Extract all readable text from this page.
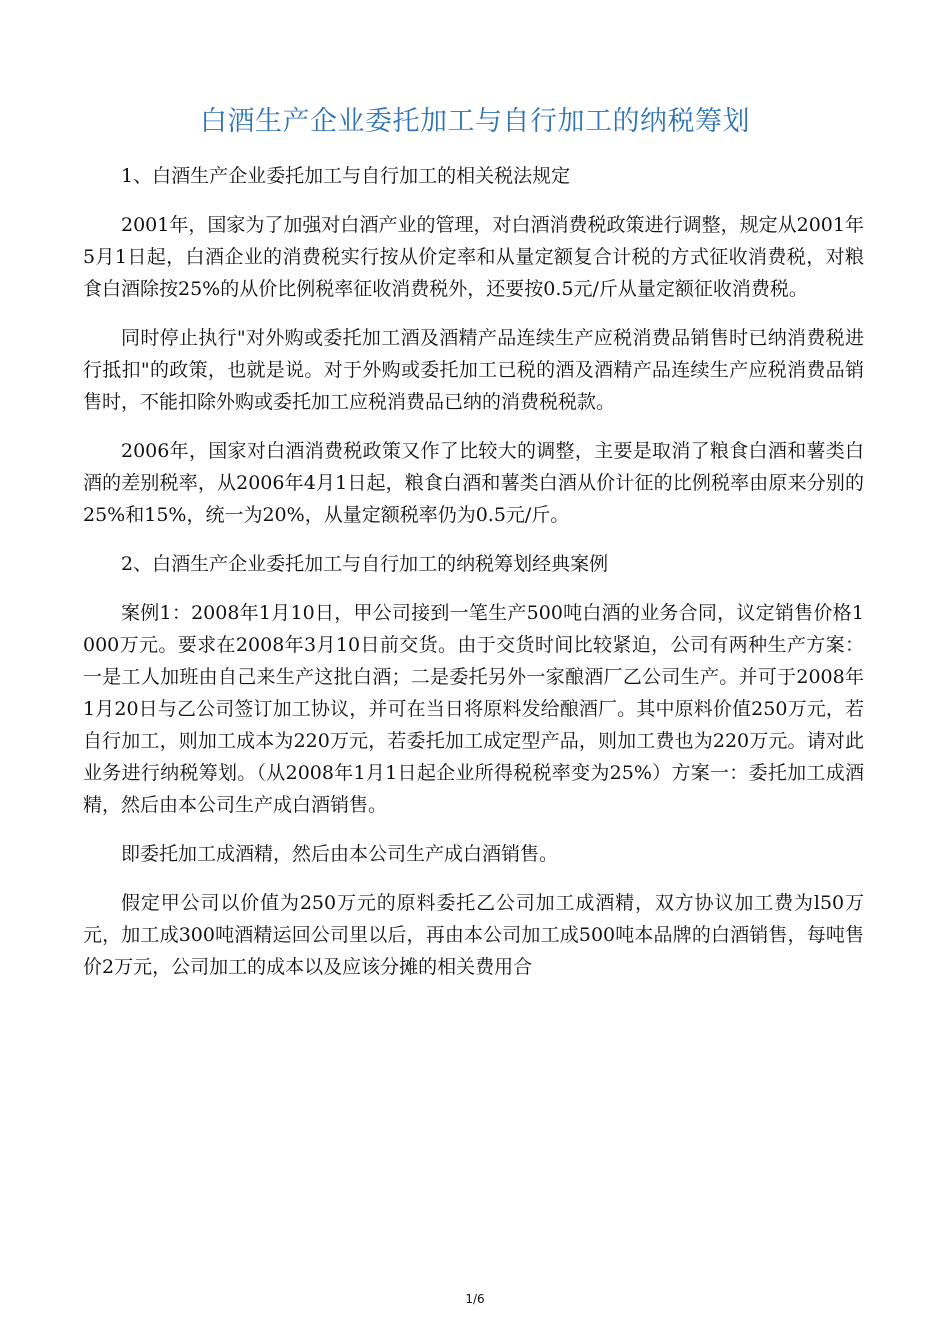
白酒生产企业委托加工与自行加工的纳税筹划

1、白酒生产企业委托加工与自行加工的相关税法规定

2001年，国家为了加强对白酒产业的管理，对白酒消费税政策进行调整，规定从2001年5月1日起，白酒企业的消费税实行按从价定率和从量定额复合计税的方式征收消费税，对粮食白酒除按25%的从价比例税率征收消费税外，还要按0.5元/斤从量定额征收消费税。

同时停止执行"对外购或委托加工酒及酒精产品连续生产应税消费品销售时已纳消费税进行抵扣"的政策，也就是说。对于外购或委托加工已税的酒及酒精产品连续生产应税消费品销售时，不能扣除外购或委托加工应税消费品已纳的消费税税款。

2006年，国家对白酒消费税政策又作了比较大的调整，主要是取消了粮食白酒和薯类白酒的差别税率，从2006年4月1日起，粮食白酒和薯类白酒从价计征的比例税率由原来分别的25%和15%，统一为20%，从量定额税率仍为0.5元/斤。

2、白酒生产企业委托加工与自行加工的纳税筹划经典案例

案例1：2008年1月10日，甲公司接到一笔生产500吨白酒的业务合同，议定销售价格1000万元。要求在2008年3月10日前交货。由于交货时间比较紧迫，公司有两种生产方案：一是工人加班由自己来生产这批白酒；二是委托另外一家酿酒厂乙公司生产。并可于2008年1月20日与乙公司签订加工协议，并可在当日将原料发给酿酒厂。其中原料价值250万元，若自行加工，则加工成本为220万元，若委托加工成定型产品，则加工费也为220万元。请对此业务进行纳税筹划。（从2008年1月1日起企业所得税税率变为25%）方案一：委托加工成酒精，然后由本公司生产成白酒销售。

即委托加工成酒精，然后由本公司生产成白酒销售。

假定甲公司以价值为250万元的原料委托乙公司加工成酒精，双方协议加工费为l50万元，加工成300吨酒精运回公司里以后，再由本公司加工成500吨本品牌的白酒销售，每吨售价2万元，公司加工的成本以及应该分摊的相关费用合

1/6
